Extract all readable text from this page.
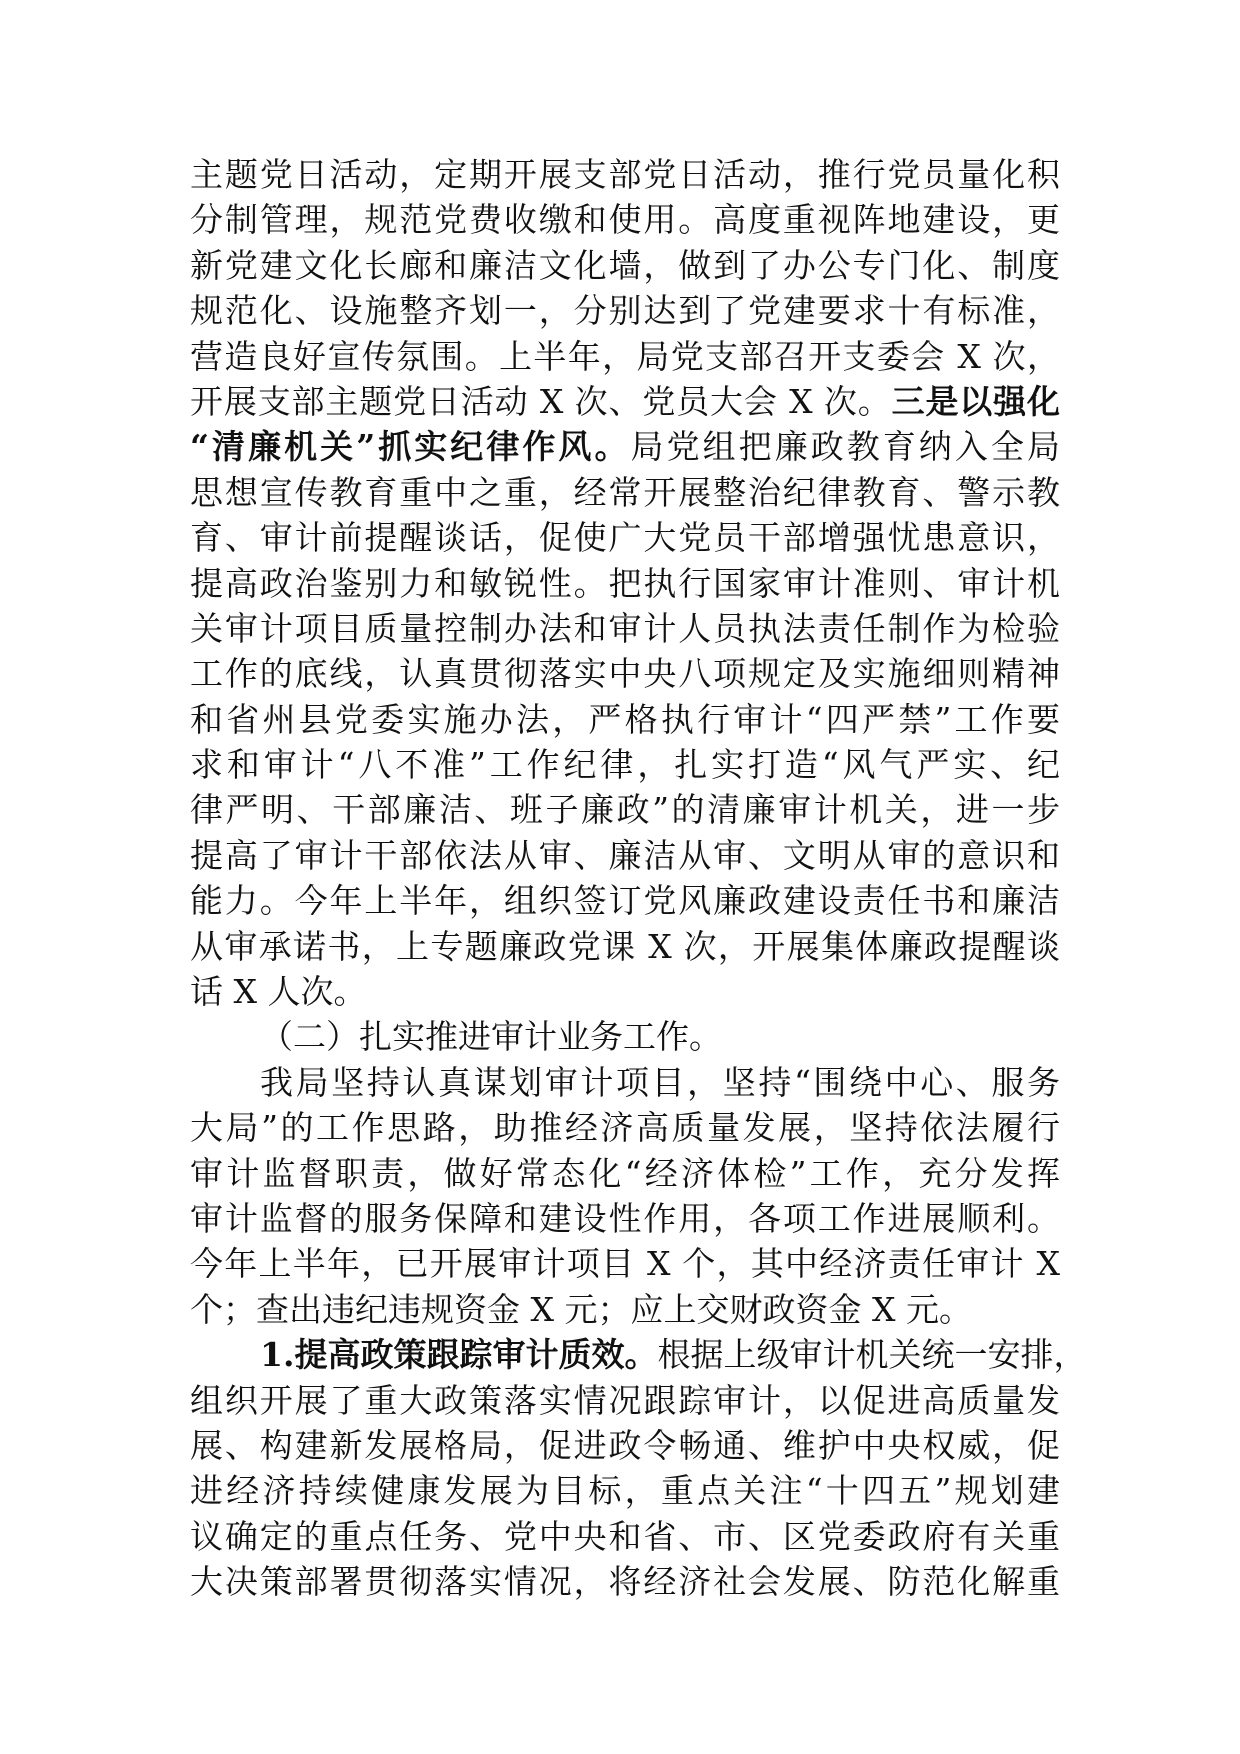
主题党日活动，定期开展支部党日活动，推行党员量化积
分制管理，规范党费收缴和使用。高度重视阵地建设，更
新党建文化长廊和廉洁文化墙，做到了办公专门化、制度
规范化、设施整齐划一，分别达到了党建要求十有标准，
营造良好宣传氛围。上半年，局党支部召开支委会 X 次，
开展支部主题党日活动 X 次、党员大会 X 次。三是以强化
“清廉机关”抓实纪律作风。局党组把廉政教育纳入全局
思想宣传教育重中之重，经常开展整治纪律教育、警示教
育、审计前提醒谈话，促使广大党员干部增强忧患意识，
提高政治鉴别力和敏锐性。把执行国家审计准则、审计机
关审计项目质量控制办法和审计人员执法责任制作为检验
工作的底线，认真贯彻落实中央八项规定及实施细则精神
和省州县党委实施办法，严格执行审计“四严禁”工作要
求和审计“八不准”工作纪律，扎实打造“风气严实、纪
律严明、干部廉洁、班子廉政”的清廉审计机关，进一步
提高了审计干部依法从审、廉洁从审、文明从审的意识和
能力。今年上半年，组织签订党风廉政建设责任书和廉洁
从审承诺书，上专题廉政党课 X 次，开展集体廉政提醒谈
话 X 人次。
（二）扎实推进审计业务工作。
我局坚持认真谋划审计项目，坚持“围绕中心、服务
大局”的工作思路，助推经济高质量发展，坚持依法履行
审计监督职责，做好常态化“经济体检”工作，充分发挥
审计监督的服务保障和建设性作用，各项工作进展顺利。
今年上半年，已开展审计项目 X 个，其中经济责任审计 X
个；查出违纪违规资金 X 元；应上交财政资金 X 元。
1.提高政策跟踪审计质效。根据上级审计机关统一安排，
组织开展了重大政策落实情况跟踪审计，以促进高质量发
展、构建新发展格局，促进政令畅通、维护中央权威，促
进经济持续健康发展为目标，重点关注“十四五”规划建
议确定的重点任务、党中央和省、市、区党委政府有关重
大决策部署贯彻落实情况，将经济社会发展、防范化解重
